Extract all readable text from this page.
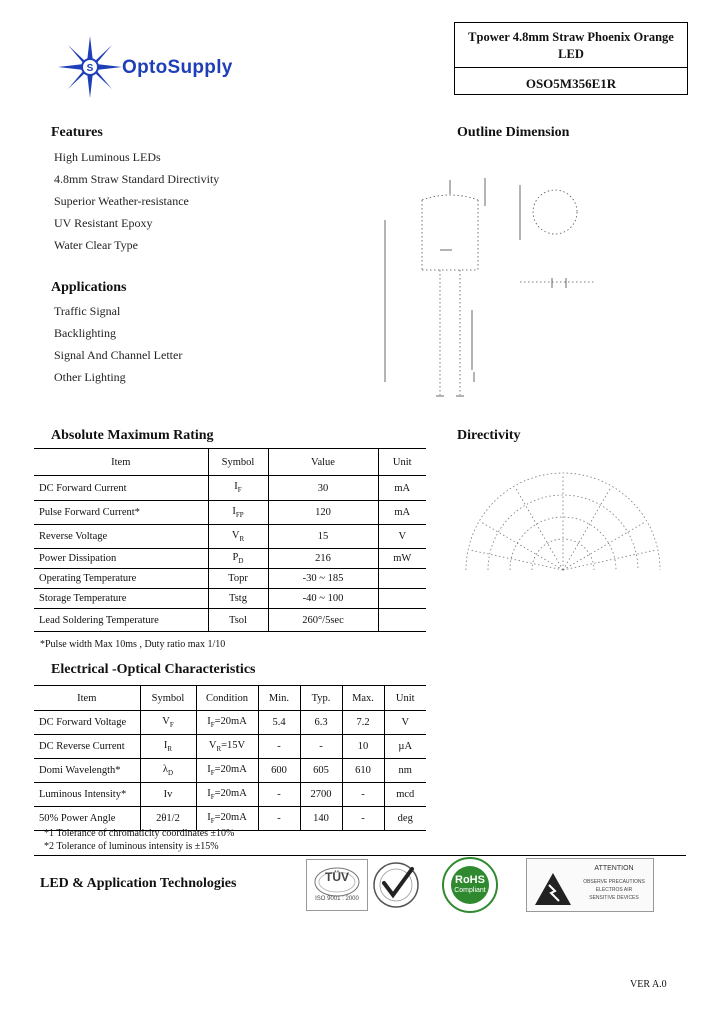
S OptoSupply
Tpower 4.8mm Straw Phoenix Orange LED
OSO5M356E1R
Features
High Luminous LEDs
4.8mm Straw Standard Directivity
Superior Weather-resistance
UV Resistant Epoxy
Water Clear Type
Applications
Traffic Signal
Backlighting
Signal And Channel Letter
Other Lighting
Outline Dimension
Directivity
Absolute Maximum Rating
Item	Symbol	Value	Unit
DC Forward Current	$I_F$	30	mA
Pulse Forward Current*	$I_{FP}$	120	mA
Reverse Voltage	$V_R$	15	V
Power Dissipation	$P_D$	216	mW
Operating Temperature	Topr	-30 ~ 185	
Storage Temperature	Tstg	-40 ~ 100	
Lead Soldering Temperature	Tsol	260°/5sec	
*Pulse width Max 10ms , Duty ratio max 1/10
Electrical -Optical Characteristics
Item	Symbol	Condition	Min.	Typ.	Max.	Unit
DC Forward Voltage	$V_F$	$I_F=20mA$	5.4	6.3	7.2	V
DC Reverse Current	$I_R$	$V_R=15V$	-	-	10	µA
Domi Wavelength*	$\lambda_D$	$I_F=20mA$	600	605	610	nm
Luminous Intensity*	Iv	$I_F=20mA$	-	2700	-	mcd
50% Power Angle	2θ1/2	$I_F=20mA$	-	140	-	deg
*1 Tolerance of chromaticity coordinates ±10%
*2 Tolerance of luminous intensity is ±15%
LED & Application Technologies	TÜV
ISO 9001 : 2000
RoHS
Compliant
ATTENTION
OBSERVE PRECAUTIONS
ELECTROS AIR
SENSITIVE DEVICES
VER A.0
